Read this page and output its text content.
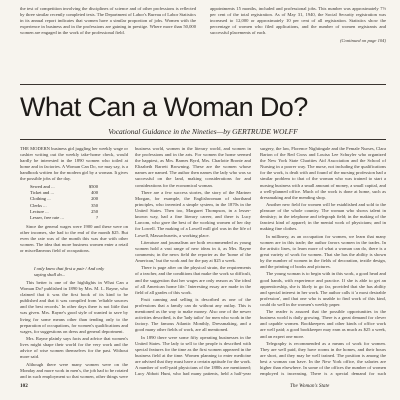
the test of competition involving the disciplines of science and of other professions is reflected by three similar recently completed tests. The Department of Labor's Bureau of Labor Statistics in its annual report indicates that women have a similar proportion of jobs. Women with the experience in business and in the professions are gaining in prestige. Where more than 50,000 women are engaged in the work of the professional field.

appointments 15 months, included and professional jobs. This number was approximately 7½ per cent of the total registration. As of May 31, 1940, the Social Security registration was increased to 12,000 or approximately 10 per cent of all registration. Statistics show the percentage of women who filed applications, and the number of women registrants and successful placements of each.

(Continued on page 104)

What Can a Woman Do?
Vocational Guidance in the Nineties—by GERTRUDE WOLFF

THE MODERN business girl juggling her weekly wage or cashier writing out the weekly take-home check, would hardly be interested in the 1890 women who toiled at home and in factories. A Woman Can Do, we may say, is a handbook written for the modern girl by a woman. It gives the possible jobs of the day.

Sewed and ...	$500
Ticket and ...	400
Clothing ...	200
Clerks ...	350
Lecture ...	250
Lesser, free rate ...	?

Since the general wages were 1900 and these were on other incomes, she had to the end of the month $25. But even the rate was of the month this was due with other women. The idea that more business women enter a retail or miscellaneous field of occupations.

I only knew that first a pair / And only saying shall do...

This better is one of the highlights in What Can a Woman Do? published in 1890 by Mrs. M. L. Rayne, who claimed that it was the first book of its kind to be published and that it was compiled from 'reliable sources and the best records.' In other days there is not little that was given. Mrs. Rayne's good style of wanted to save by living for some means other than tending only to the preparation of occupations, for women's qualifications and wages, for suggestions on dress and general deportment.

Mrs. Rayne plainly says facts and advice that women's lives might shape their world for the very work and the advice of wise women themselves for the past. Without more said.

Although there were many women were on the Monday and more work in men's, the job had to be rotated and in such employment so that women, other things were

business world, women in the literary world, and women in the professions and in the arts. For women the home seemed the happiest, as Mrs. Barnes Byrd, Mrs. Charlotte Bronte and Elizabeth Barrett Browning. These are the women whose names are named. The author then names the lady who was so successful on the land, making considerations for and considerations for the economical woman.

There are a few success stories, the story of the Mariner Morgan, for example, the Englishwoman of shorthand principles, who invented a simple system, in the 1870s in the United States. Then too, Margaret Thompson, in a lesser-known way, had a fine literary career, and there is Lucy Larcom, who gave the best of the working women of her day for Lowell. The making of a Lowell mill girl was in the life of Lowell, Massachusetts, a working place.

Literature and journalism are both recommended as young women hold a vast range of new ideas in it, as Mrs. Rayne comments; in the news field the reporter as the 'home of the American,' but the work and for the pay at $25 a week.

There is page after on the physical strain, the requirements of a teacher, and the conditions that make the work so difficult, and the suggestion that her wages are only reason as 'the ideal of all American home life.' Interesting essay are made in the field of all grades of this work.

Fruit canning and selling is described as one of the professions that a family can do without any outlay. This is mentioned as the way to make money. Also one of the newer activities described, is the 'lady tailor' for men who work in the factory. The famous Atlantic Monthly, Dressmaking, and a good many other fields of work, are all mentioned.

In 1890 there were some fifty operating businesses in the United States. The lady to sell to the people is described with special features for the time as the first women appeared in the business field at the time. Women planning to enter medicine are advised that they must have a certain aptitude for the work. A number of well-paid physicians of the 1880s are mentioned; Lucy Abbott Hunt, who had many patients, held a half-year

surgery, the law, Florence Nightingale and the Female Nurses, Clara Barton of the Red Cross and Louisa Lee Schuyler who organized the New York State Charities Aid Association and the School of Nursing in a poorer way. The nurse, not including the qualifications for the work, is dealt with and found of the nursing profession had a similar problem to that of the woman who was trained to start a nursing business with a small amount of money, a small capital, and a well-planned office. Much of the work is done at home, such as dressmaking and the mending shop.

Another new field for women will be established and sold to the pleasure of the whole country. The woman who shows talent in dentistry; in the telephone and telegraph field; in the making of the fanciest kind of apparel; in the mental work of physicians; and in making fine clothes.

In millinery, as an occupation for women, we learn that many women are in this trade; the author favors women in the trades. In the artistic lines, to learn more of what a woman can do, there is a great variety of work for women. That she has the ability is shown by the number of women in the fields of decoration, textile design, and the printing of books and pictures.

The young woman is to begin with in this work, a good head and good hands, with experience and practice. If she is able to get an apprenticeship, she is likely to go far, provided that she has ability and special interest in her work. The author calls it 'a most desirable profession', and that one who is unable to find work of this kind, could do well in the women's weekly paper.

The reader is assured that the possible opportunities in the business world is daily growing. There is a great demand for clever and capable women. Bookkeepers and other kinds of office work are well paid; a good bookkeeper may earn as much as $25 a week, and an expert one more.

Telegraphy is recommended as a means of work for women. They are well paid, they have rooms in the homes, and their hours are short, and they may be well trained. The position is among the best a woman can have. In the New York office, the salaries are higher than elsewhere. In some of the offices the number of women employed is increasing. There is a special demand for such

102	The Woman's State
